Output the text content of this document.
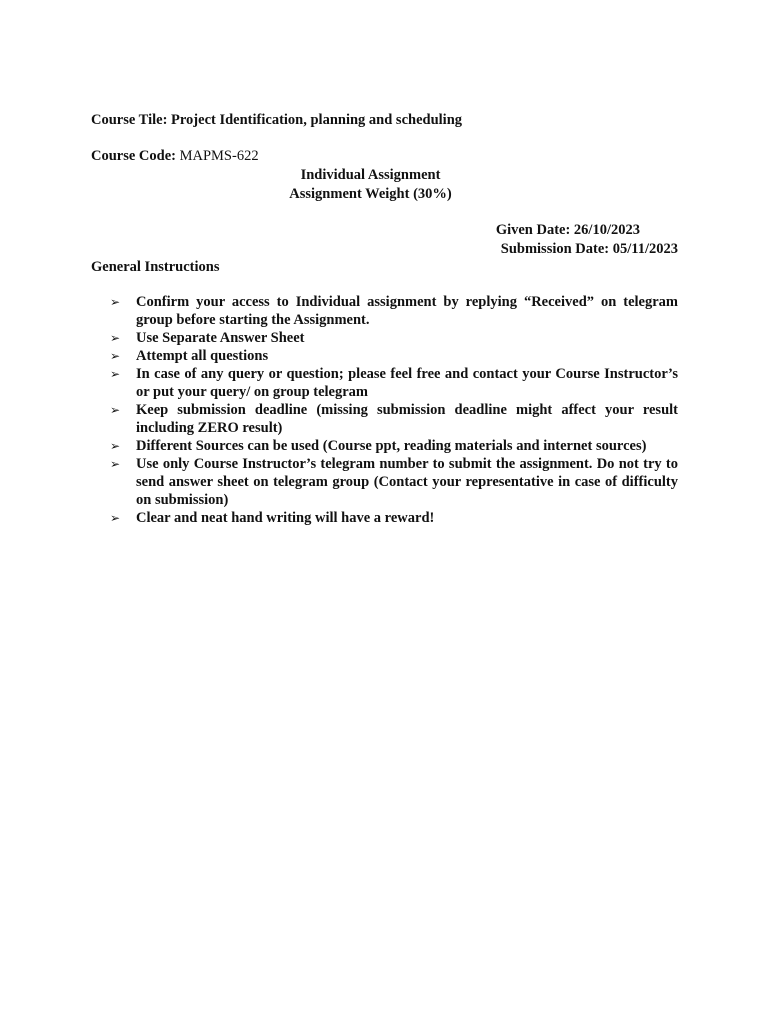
Course Tile: Project Identification, planning and scheduling
Course Code: MAPMS-622
Individual Assignment
Assignment Weight (30%)
Given Date: 26/10/2023
Submission Date: 05/11/2023
General Instructions
➢ Confirm your access to Individual assignment by replying “Received” on telegram group before starting the Assignment.
➢ Use Separate Answer Sheet
➢ Attempt all questions
➢ In case of any query or question; please feel free and contact your Course Instructor’s or put your query/ on group telegram
➢ Keep submission deadline (missing submission deadline might affect your result including ZERO result)
➢ Different Sources can be used (Course ppt, reading materials and internet sources)
➢ Use only Course Instructor’s telegram number to submit the assignment. Do not try to send answer sheet on telegram group (Contact your representative in case of difficulty on submission)
➢ Clear and neat hand writing will have a reward!
